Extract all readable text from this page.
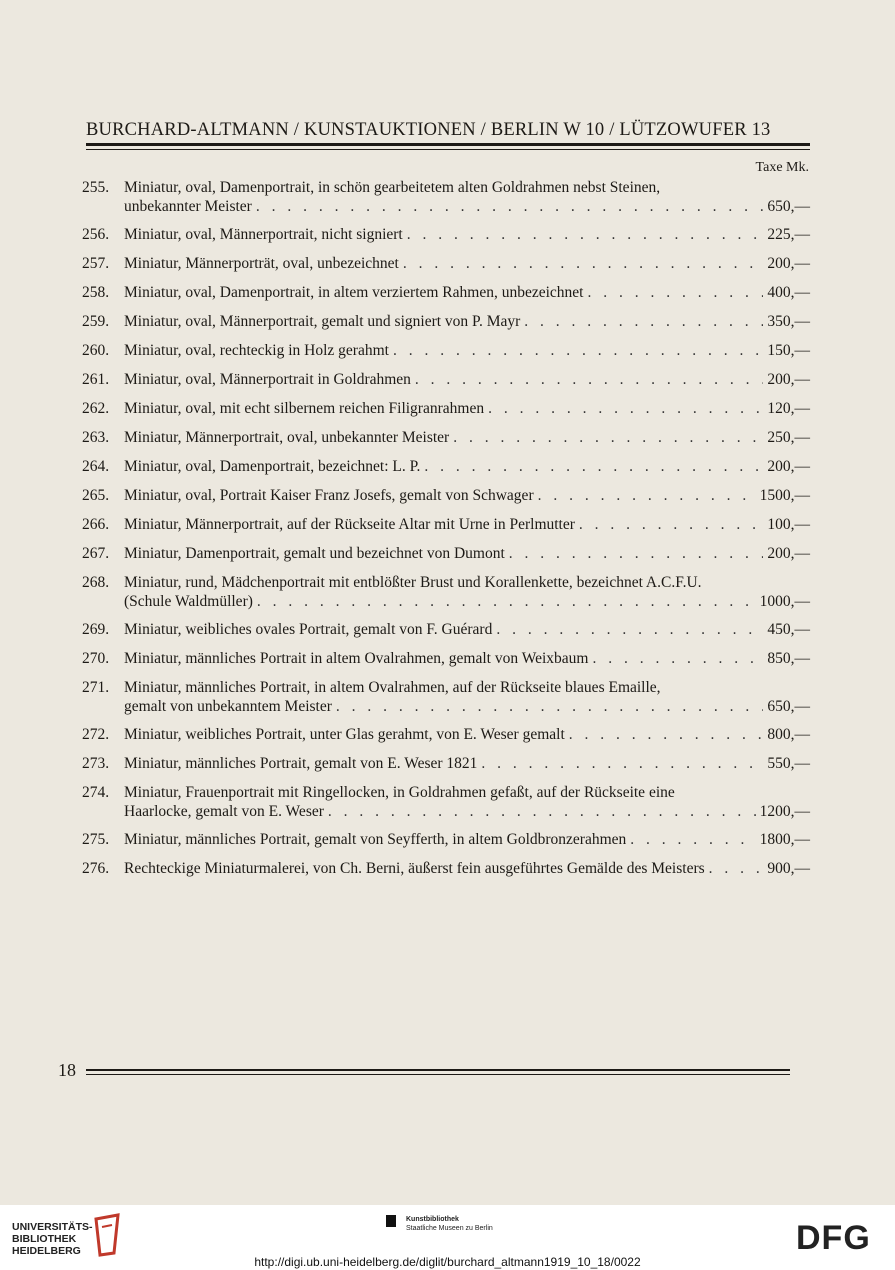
BURCHARD-ALTMANN / KUNSTAUKTIONEN / BERLIN W 10 / LÜTZOWUFER 13
Taxe Mk.
255. Miniatur, oval, Damenportrait, in schön gearbeitetem alten Goldrahmen nebst Steinen,
unbekannter Meister . . .	650,—
256. Miniatur, oval, Männerportrait, nicht signiert . . .	225,—
257. Miniatur, Männerporträt, oval, unbezeichnet . . .	200,—
258. Miniatur, oval, Damenportrait, in altem verziertem Rahmen, unbezeichnet . . .	400,—
259. Miniatur, oval, Männerportrait, gemalt und signiert von P. Mayr . . .	350,—
260. Miniatur, oval, rechteckig in Holz gerahmt . . .	150,—
261. Miniatur, oval, Männerportrait in Goldrahmen . . .	200,—
262. Miniatur, oval, mit echt silbernem reichen Filigranrahmen . . .	120,—
263. Miniatur, Männerportrait, oval, unbekannter Meister . . .	250,—
264. Miniatur, oval, Damenportrait, bezeichnet: L. P. . . .	200,—
265. Miniatur, oval, Portrait Kaiser Franz Josefs, gemalt von Schwager . . .	1500,—
266. Miniatur, Männerportrait, auf der Rückseite Altar mit Urne in Perlmutter . . .	100,—
267. Miniatur, Damenportrait, gemalt und bezeichnet von Dumont . . .	200,—
268. Miniatur, rund, Mädchenportrait mit entblößter Brust und Korallenkette, bezeichnet A.C.F.U.
(Schule Waldmüller) . . .	1000,—
269. Miniatur, weibliches ovales Portrait, gemalt von F. Guérard . . .	450,—
270. Miniatur, männliches Portrait in altem Ovalrahmen, gemalt von Weixbaum . . .	850,—
271. Miniatur, männliches Portrait, in altem Ovalrahmen, auf der Rückseite blaues Emaille,
gemalt von unbekanntem Meister . . .	650,—
272. Miniatur, weibliches Portrait, unter Glas gerahmt, von E. Weser gemalt . . .	800,—
273. Miniatur, männliches Portrait, gemalt von E. Weser 1821 . . .	550,—
274. Miniatur, Frauenportrait mit Ringellocken, in Goldrahmen gefaßt, auf der Rückseite eine
Haarlocke, gemalt von E. Weser . . .	1200,—
275. Miniatur, männliches Portrait, gemalt von Seyfferth, in altem Goldbronzerahmen . . .	1800,—
276. Rechteckige Miniaturmalerei, von Ch. Berni, äußerst fein ausgeführtes Gemälde des Meisters . . .	900,—
18
UNIVERSITÄTS-
BIBLIOTHEK
HEIDELBERG
Kunstbibliothek
Staatliche Museen zu Berlin	DFG
http://digi.ub.uni-heidelberg.de/diglit/burchard_altmann1919_10_18/0022
